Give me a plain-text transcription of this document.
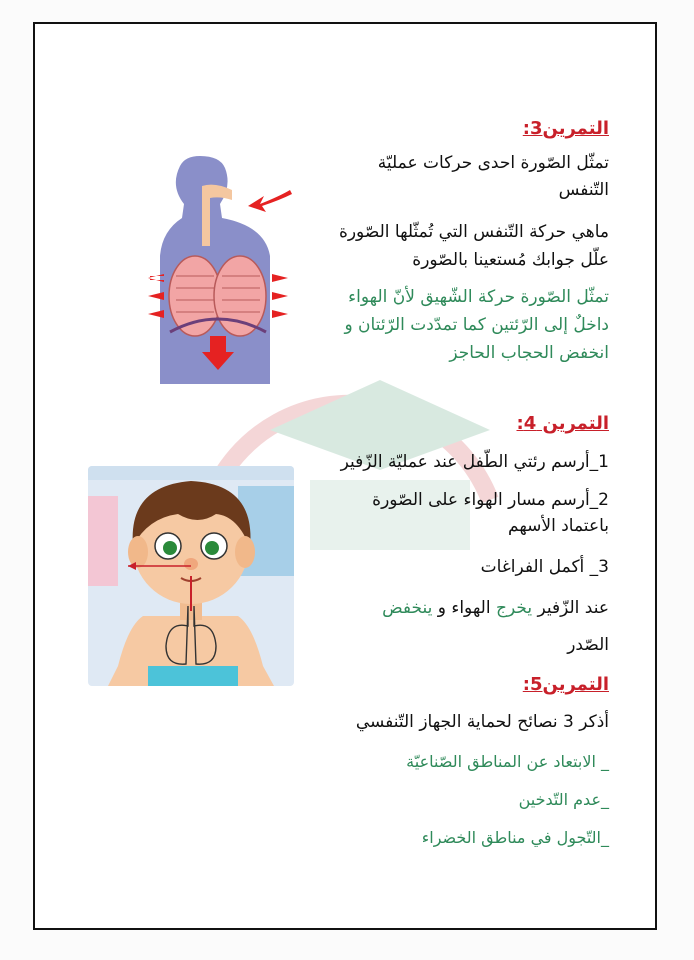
التمرين3:
تمثّل الصّورة احدى حركات عمليّة
التّنفس
ماهي حركة التّنفس التي تُمثّلها الصّورة
علّل جوابك مُستعينا بالصّورة
تمثّل الصّورة حركة الشّهيق لأنّ الهواء
داخلٌ إلى الرّئتين كما تمدّدت الرّئتان و
انخفض الحجاب الحاجز
التمرين 4:
1_أرسم رئتي الطّفل عند عمليّة الزّفير
2_أرسم مسار الهواء على الصّورة
باعتماد الأسهم
3_ أكمل الفراغات
عند الزّفير يخرج الهواء و ينخفض
الصّدر
التمرين5:
أذكر 3 نصائح لحماية الجهاز التّنفسي
_ الابتعاد عن المناطق الصّناعيّة
_عدم التّدخين
_التّجول في مناطق الخضراء
